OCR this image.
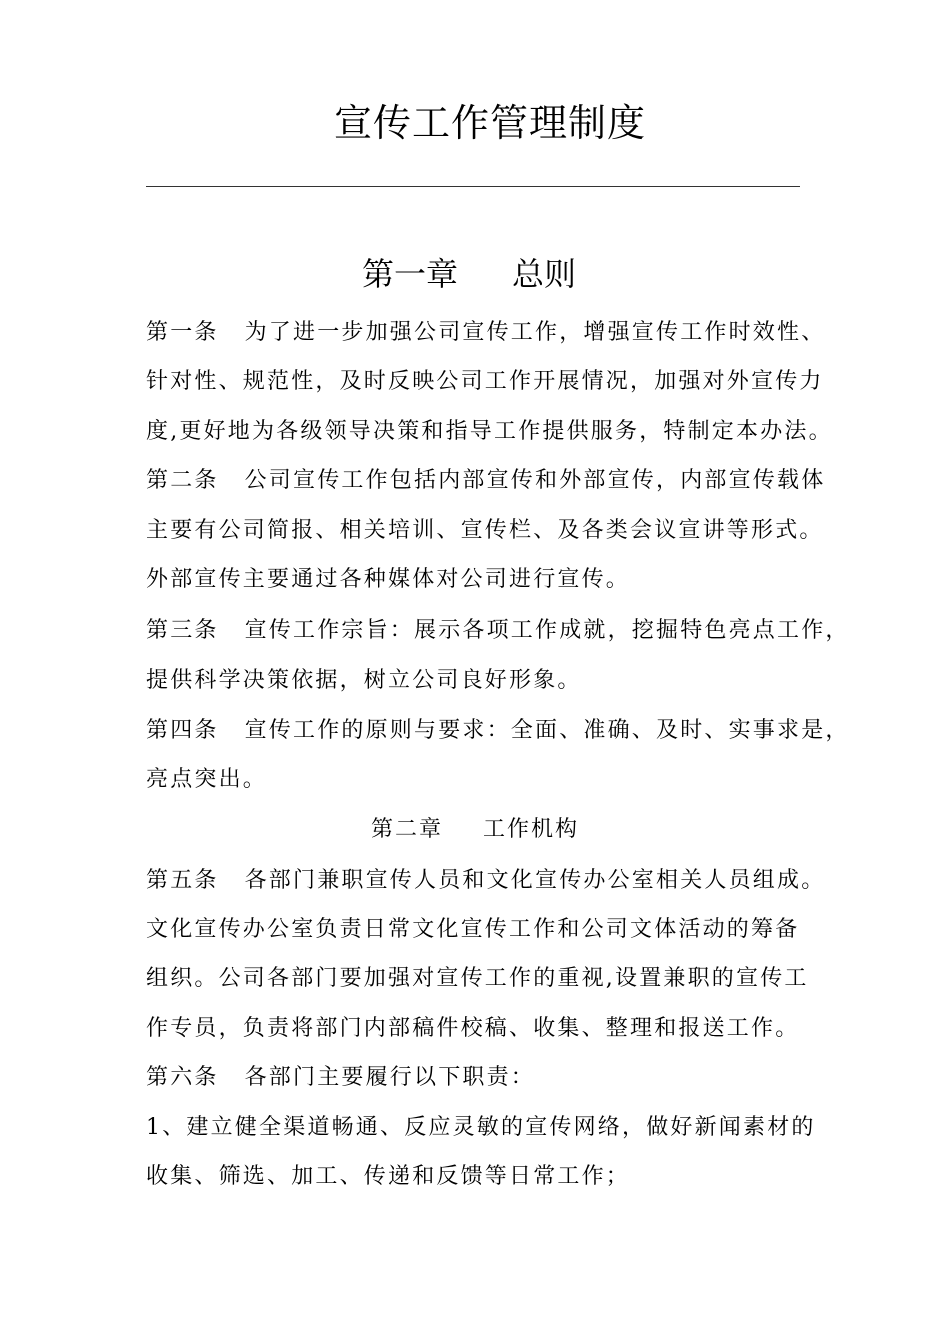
宣传工作管理制度
第一章 总则
第一条 为了进一步加强公司宣传工作，增强宣传工作时效性、
针对性、规范性，及时反映公司工作开展情况，加强对外宣传力
度,更好地为各级领导决策和指导工作提供服务，特制定本办法。
第二条 公司宣传工作包括内部宣传和外部宣传，内部宣传载体
主要有公司简报、相关培训、宣传栏、及各类会议宣讲等形式。
外部宣传主要通过各种媒体对公司进行宣传。
第三条 宣传工作宗旨：展示各项工作成就，挖掘特色亮点工作，
提供科学决策依据，树立公司良好形象。
第四条 宣传工作的原则与要求：全面、准确、及时、实事求是，
亮点突出。
第二章 工作机构
第五条 各部门兼职宣传人员和文化宣传办公室相关人员组成。
文化宣传办公室负责日常文化宣传工作和公司文体活动的筹备
组织。公司各部门要加强对宣传工作的重视,设置兼职的宣传工
作专员，负责将部门内部稿件校稿、收集、整理和报送工作。
第六条 各部门主要履行以下职责：
1、建立健全渠道畅通、反应灵敏的宣传网络，做好新闻素材的
收集、筛选、加工、传递和反馈等日常工作；
